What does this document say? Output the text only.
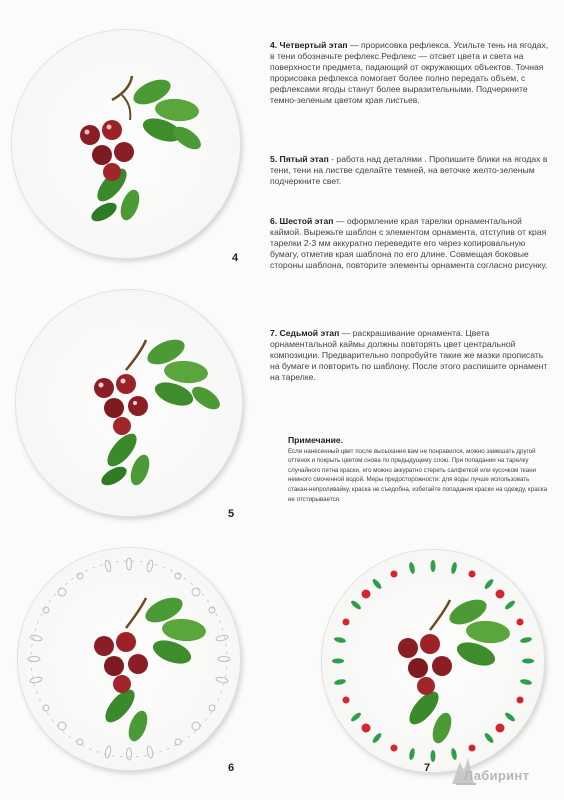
4
5
6	7
4. Четвертый этап — прорисовка рефлекса. Усильте тень на ягодах, в тени обозначьте рефлекс.Рефлекс — отсвет цвета и света на поверхности предмета, падающий от окружающих объектов. Точная прорисовка рефлекса помогает более полно передать объем, с рефлексами ягоды станут более выразительными. Подчеркните темно-зеленым цветом края листьев.
5. Пятый этап - работа над деталями . Пропишите блики на ягодах в тени, тени на листве сделайте темней, на веточке желто-зеленым подчеркните свет.
6. Шестой этап — оформление края тарелки орнаментальной каймой. Вырежьте шаблон с элементом орнамента, отступив от края тарелки 2-3 мм аккуратно переведите его через копировальную бумагу, отметив края шаблона по его длине. Совмещая боковые стороны шаблона, повторите элементы орнамента согласно рисунку.
7. Седьмой этап — раскрашивание орнамента. Цвета орнаментальной каймы должны повторять цвет центральной композиции. Предварительно попробуйте такие же мазки прописать на бумаге и повторить по шаблону. После этого распишите орнамент на тарелке.
Примечание.
Если нанесенный цвет после высыхания вам не понравился, можно замешать другой оттенок и покрыть цветом снова по предыдущему слою. При попадании на тарелку случайного пятна краски, его можно аккуратно стереть салфеткой или кусочком ткани немного смоченной водой. Меры предосторожности: для воды лучше использовать стакан-непроливайку, краска не съедобна, избегайте попадания краски на одежду, краска не отстирывается.
Лабиринт
